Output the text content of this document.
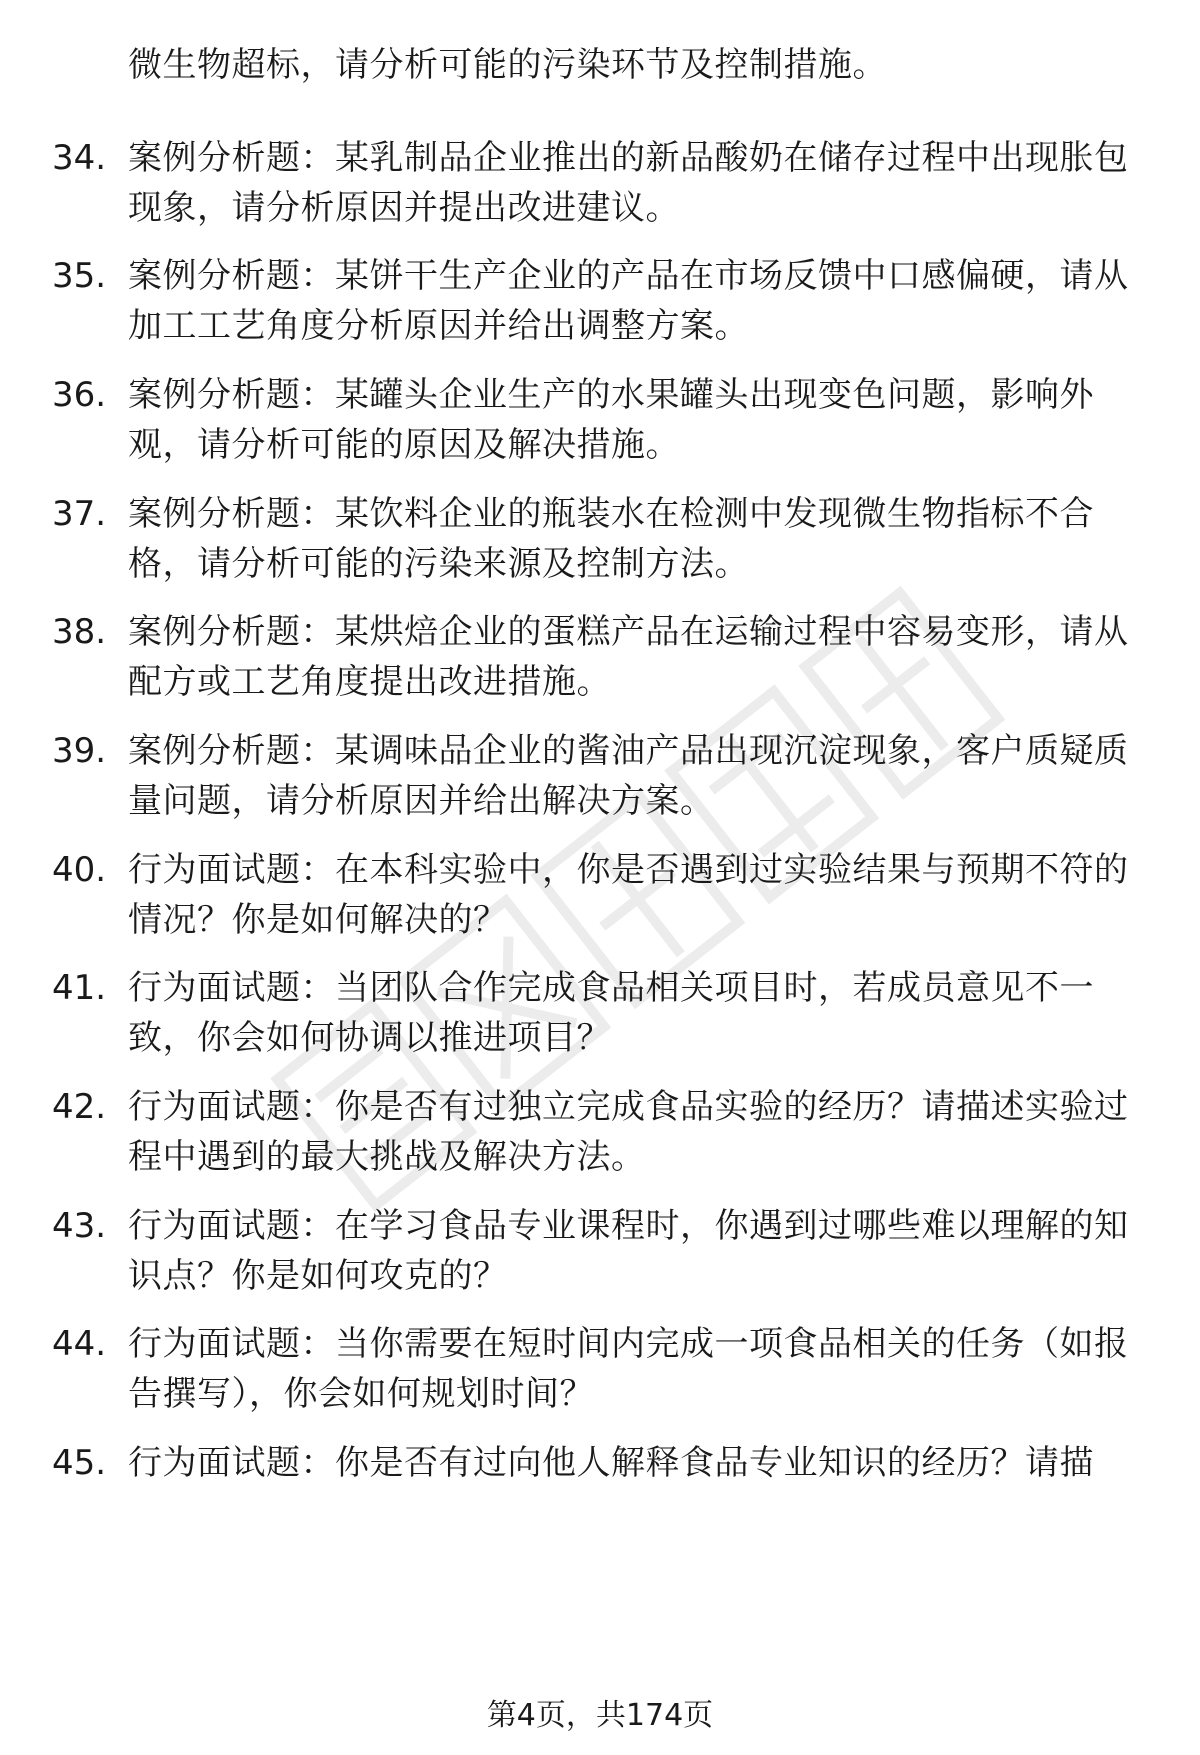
微生物超标，请分析可能的污染环节及控制措施。
34. 案例分析题：某乳制品企业推出的新品酸奶在储存过程中出现胀包现象，请分析原因并提出改进建议。
35. 案例分析题：某饼干生产企业的产品在市场反馈中口感偏硬，请从加工工艺角度分析原因并给出调整方案。
36. 案例分析题：某罐头企业生产的水果罐头出现变色问题，影响外观，请分析可能的原因及解决措施。
37. 案例分析题：某饮料企业的瓶装水在检测中发现微生物指标不合格，请分析可能的污染来源及控制方法。
38. 案例分析题：某烘焙企业的蛋糕产品在运输过程中容易变形，请从配方或工艺角度提出改进措施。
39. 案例分析题：某调味品企业的酱油产品出现沉淀现象，客户质疑质量问题，请分析原因并给出解决方案。
40. 行为面试题：在本科实验中，你是否遇到过实验结果与预期不符的情况？你是如何解决的？
41. 行为面试题：当团队合作完成食品相关项目时，若成员意见不一致，你会如何协调以推进项目？
42. 行为面试题：你是否有过独立完成食品实验的经历？请描述实验过程中遇到的最大挑战及解决方法。
43. 行为面试题：在学习食品专业课程时，你遇到过哪些难以理解的知识点？你是如何攻克的？
44. 行为面试题：当你需要在短时间内完成一项食品相关的任务（如报告撰写），你会如何规划时间？
45. 行为面试题：你是否有过向他人解释食品专业知识的经历？请描
第4页，共174页
